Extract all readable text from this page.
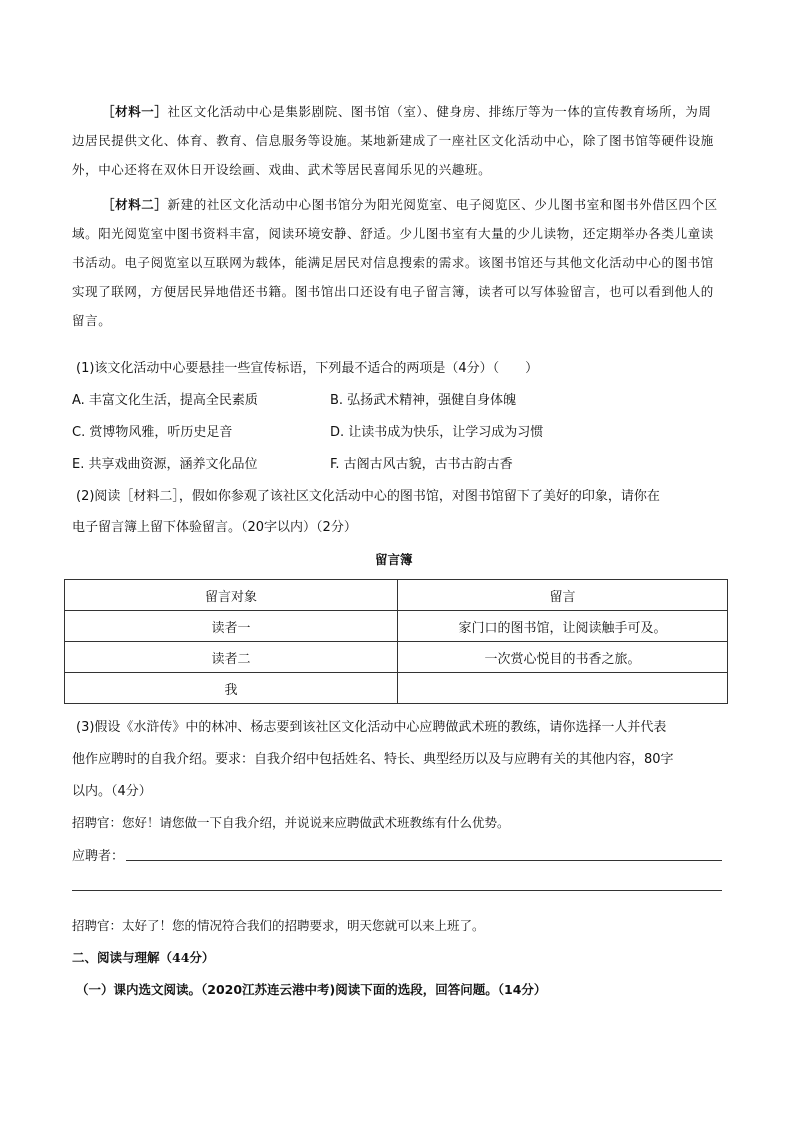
［材料一］社区文化活动中心是集影剧院、图书馆（室）、健身房、排练厅等为一体的宣传教育场所，为周边居民提供文化、体育、教育、信息服务等设施。某地新建成了一座社区文化活动中心，除了图书馆等硬件设施外，中心还将在双休日开设绘画、戏曲、武术等居民喜闻乐见的兴趣班。
［材料二］新建的社区文化活动中心图书馆分为阳光阅览室、电子阅览区、少儿图书室和图书外借区四个区域。阳光阅览室中图书资料丰富，阅读环境安静、舒适。少儿图书室有大量的少儿读物，还定期举办各类儿童读书活动。电子阅览室以互联网为载体，能满足居民对信息搜索的需求。该图书馆还与其他文化活动中心的图书馆实现了联网，方便居民异地借还书籍。图书馆出口还设有电子留言簿，读者可以写体验留言，也可以看到他人的留言。
(1)该文化活动中心要悬挂一些宣传标语，下列最不适合的两项是（4分）（　　）
A. 丰富文化生活，提高全民素质	B. 弘扬武术精神，强健自身体魄
C. 赏博物风雅，听历史足音	D. 让读书成为快乐，让学习成为习惯
E. 共享戏曲资源，涵养文化品位	F. 古阁古风古貌，古书古韵古香
(2)阅读［材料二］，假如你参观了该社区文化活动中心的图书馆，对图书馆留下了美好的印象，请你在
电子留言簿上留下体验留言。（20字以内）（2分）
留言簿
留言对象	留言
读者一	家门口的图书馆，让阅读触手可及。
读者二	一次赏心悦目的书香之旅。
我	
(3)假设《水浒传》中的林冲、杨志要到该社区文化活动中心应聘做武术班的教练，请你选择一人并代表
他作应聘时的自我介绍。要求：自我介绍中包括姓名、特长、典型经历以及与应聘有关的其他内容，80字
以内。（4分）
招聘官：您好！请您做一下自我介绍，并说说来应聘做武术班教练有什么优势。
应聘者：
招聘官：太好了！您的情况符合我们的招聘要求，明天您就可以来上班了。
二、阅读与理解（44分）
（一）课内选文阅读。（2020江苏连云港中考)阅读下面的选段，回答问题。（14分）
